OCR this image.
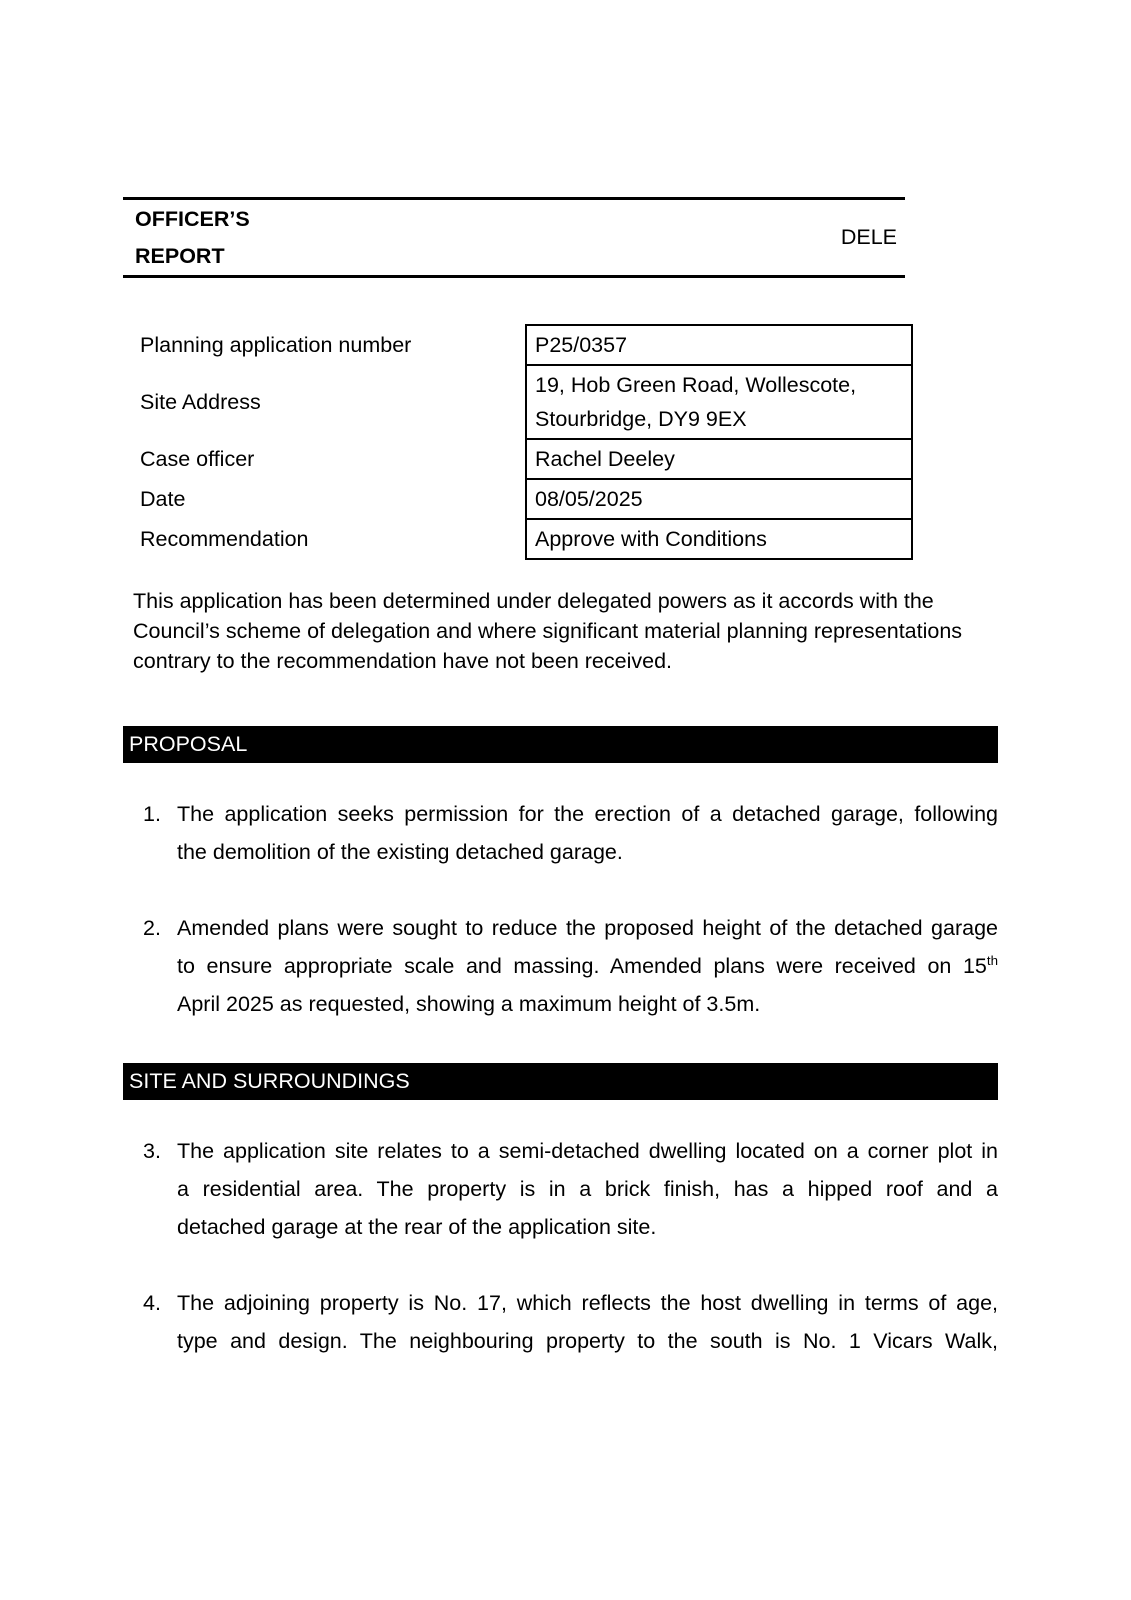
OFFICER’S
REPORT
DELE
Planning application number	P25/0357
Site Address	19, Hob Green Road, Wollescote, Stourbridge, DY9 9EX
Case officer	Rachel Deeley
Date	08/05/2025
Recommendation	Approve with Conditions
This application has been determined under delegated powers as it accords with the Council’s scheme of delegation and where significant material planning representations contrary to the recommendation have not been received.
PROPOSAL
1. The application seeks permission for the erection of a detached garage, following
the demolition of the existing detached garage.
2. Amended plans were sought to reduce the proposed height of the detached garage
to ensure appropriate scale and massing. Amended plans were received on 15th
April 2025 as requested, showing a maximum height of 3.5m.
SITE AND SURROUNDINGS
3. The application site relates to a semi-detached dwelling located on a corner plot in
a residential area. The property is in a brick finish, has a hipped roof and a
detached garage at the rear of the application site.
4. The adjoining property is No. 17, which reflects the host dwelling in terms of age,
type and design. The neighbouring property to the south is No. 1 Vicars Walk,
